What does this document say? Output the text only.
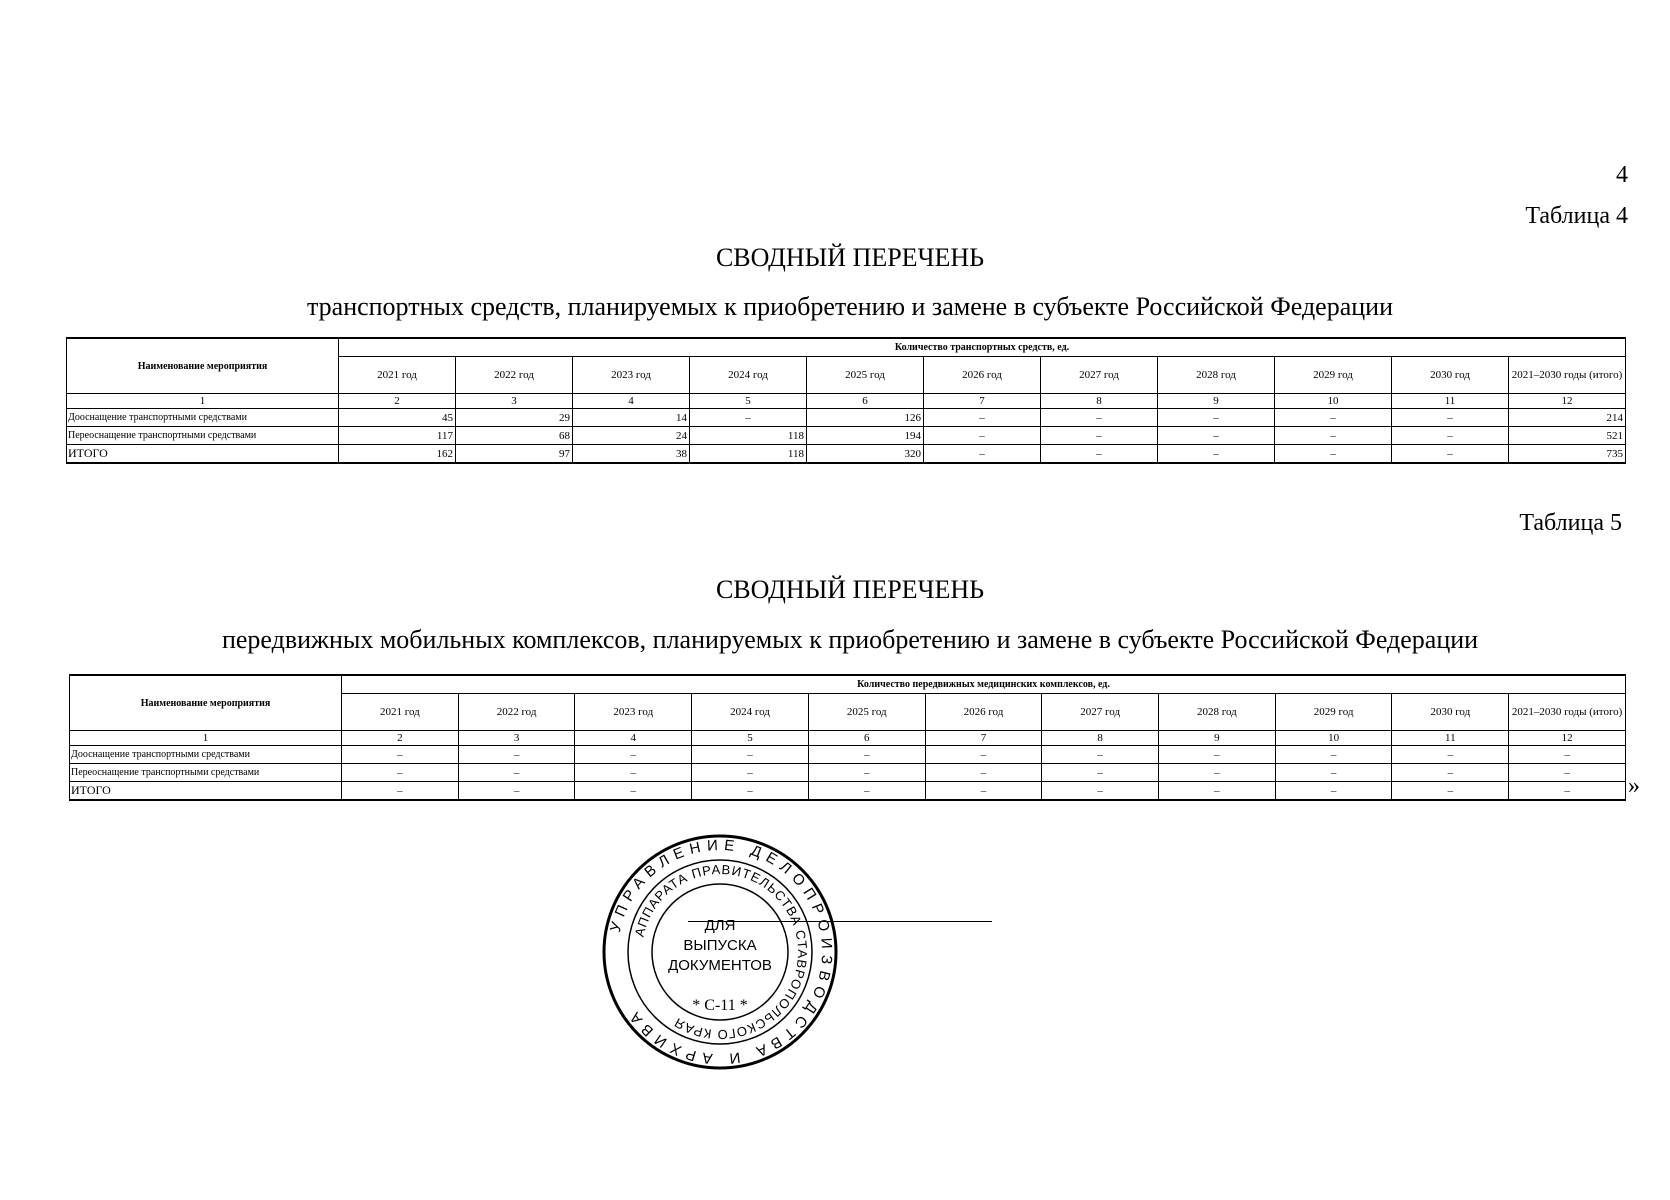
4
Таблица 4
СВОДНЫЙ ПЕРЕЧЕНЬ
транспортных средств, планируемых к приобретению и замене в субъекте Российской Федерации
Наименование мероприятия	Количество транспортных средств, ед.										
	2021 год	2022 год	2023 год	2024 год	2025 год	2026 год	2027 год	2028 год	2029 год	2030 год	2021–2030 годы (итого)
1	2	3	4	5	6	7	8	9	10	11	12
Дооснащение транспортными средствами	45	29	14	–	126	–	–	–	–	–	214
Переоснащение транспортными средствами	117	68	24	118	194	–	–	–	–	–	521
ИТОГО	162	97	38	118	320	–	–	–	–	–	735
Таблица 5
СВОДНЫЙ ПЕРЕЧЕНЬ
передвижных мобильных комплексов, планируемых к приобретению и замене в субъекте Российской Федерации
Наименование мероприятия	Количество передвижных медицинских комплексов, ед.										
	2021 год	2022 год	2023 год	2024 год	2025 год	2026 год	2027 год	2028 год	2029 год	2030 год	2021–2030 годы (итого)
1	2	3	4	5	6	7	8	9	10	11	12
Дооснащение транспортными средствами	–	–	–	–	–	–	–	–	–	–	–
Переоснащение транспортными средствами	–	–	–	–	–	–	–	–	–	–	–
ИТОГО	–	–	–	–	–	–	–	–	–	–	– »
УПРАВЛЕНИЕ ДЕЛОПРОИЗВОДСТВА И АРХИВА
АППАРАТА ПРАВИТЕЛЬСТВА СТАВРОПОЛЬСКОГО КРАЯ
ДЛЯ
ВЫПУСКА
ДОКУМЕНТОВ
* С-11 *
